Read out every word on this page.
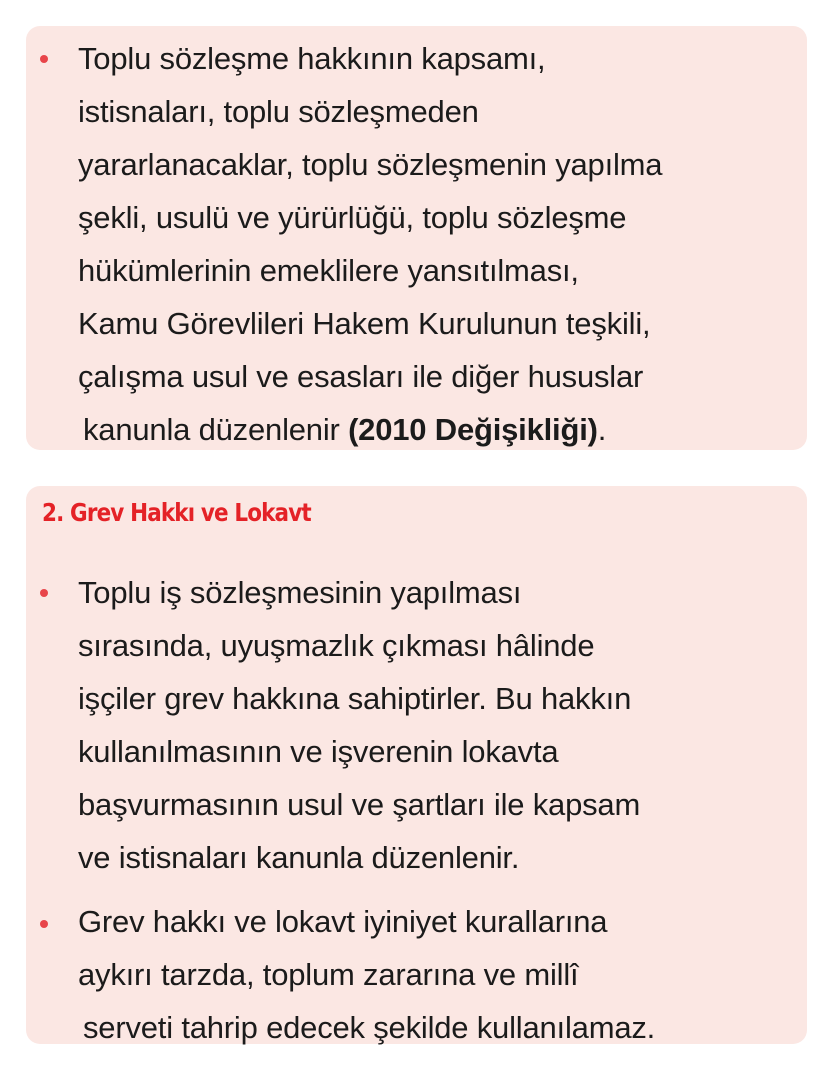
Toplu sözleşme hakkının kapsamı,
istisnaları, toplu sözleşmeden
yararlanacaklar, toplu sözleşmenin yapılma
şekli, usulü ve yürürlüğü, toplu sözleşme
hükümlerinin emeklilere yansıtılması,
Kamu Görevlileri Hakem Kurulunun teşkili,
çalışma usul ve esasları ile diğer hususlar
kanunla düzenlenir (2010 Değişikliği).
2. Grev Hakkı ve Lokavt
Toplu iş sözleşmesinin yapılması
sırasında, uyuşmazlık çıkması hâlinde
işçiler grev hakkına sahiptirler. Bu hakkın
kullanılmasının ve işverenin lokavta
başvurmasının usul ve şartları ile kapsam
ve istisnaları kanunla düzenlenir.
Grev hakkı ve lokavt iyiniyet kurallarına
aykırı tarzda, toplum zararına ve millî
serveti tahrip edecek şekilde kullanılamaz.
